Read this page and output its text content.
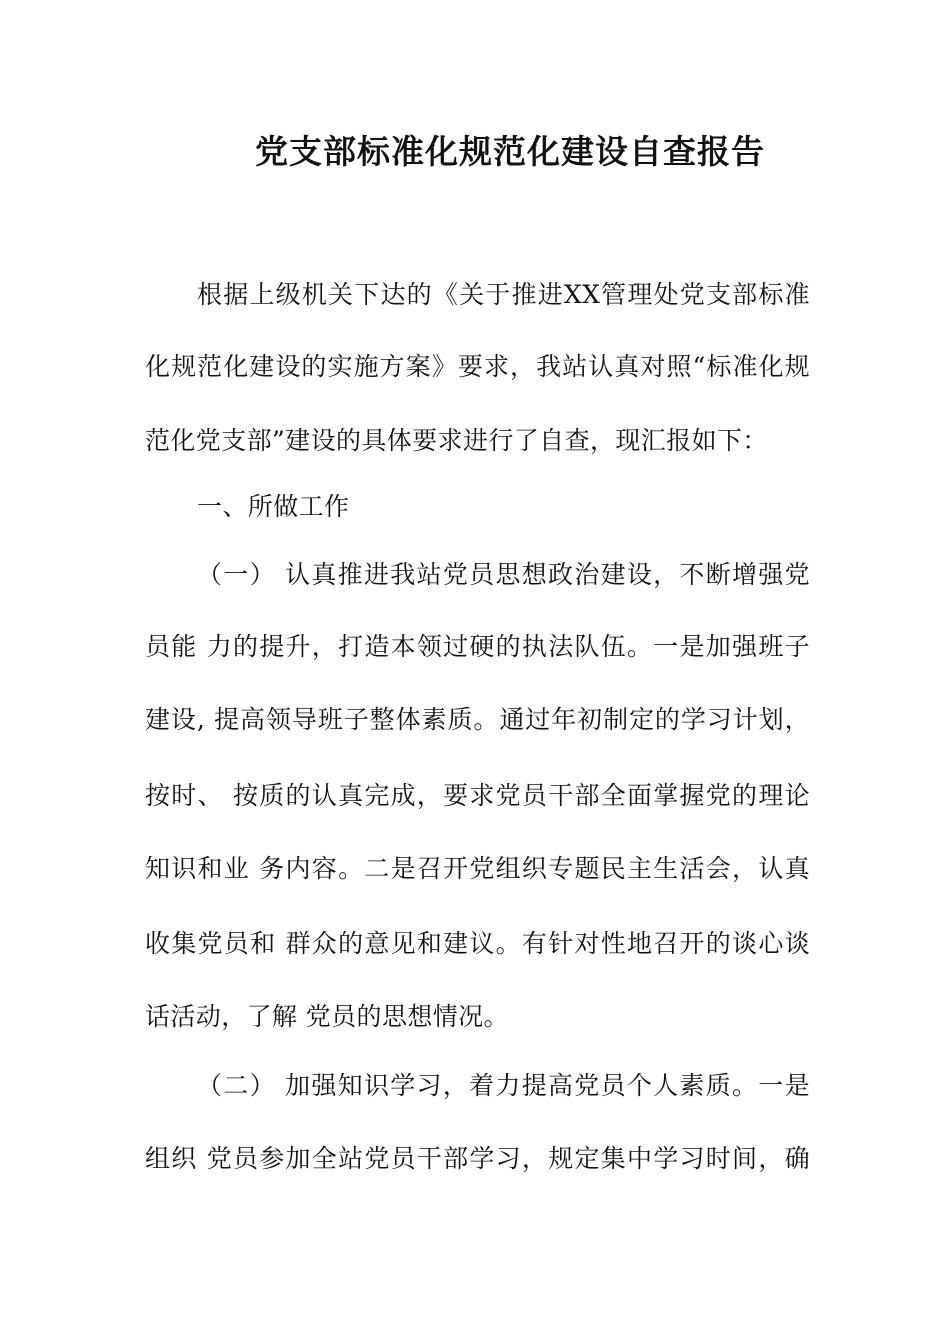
党支部标准化规范化建设自查报告
根据上级机关下达的《关于推进XX管理处党支部标准
化规范化建设的实施方案》要求，我站认真对照“标准化规
范化党支部”建设的具体要求进行了自查，现汇报如下：
一、所做工作
（一） 认真推进我站党员思想政治建设，不断增强党
员能 力的提升，打造本领过硬的执法队伍。一是加强班子
建设, 提高领导班子整体素质。通过年初制定的学习计划，
按时、 按质的认真完成，要求党员干部全面掌握党的理论
知识和业 务内容。二是召开党组织专题民主生活会，认真
收集党员和 群众的意见和建议。有针对性地召开的谈心谈
话活动，了解 党员的思想情况。
（二） 加强知识学习，着力提高党员个人素质。一是
组织 党员参加全站党员干部学习，规定集中学习时间，确
